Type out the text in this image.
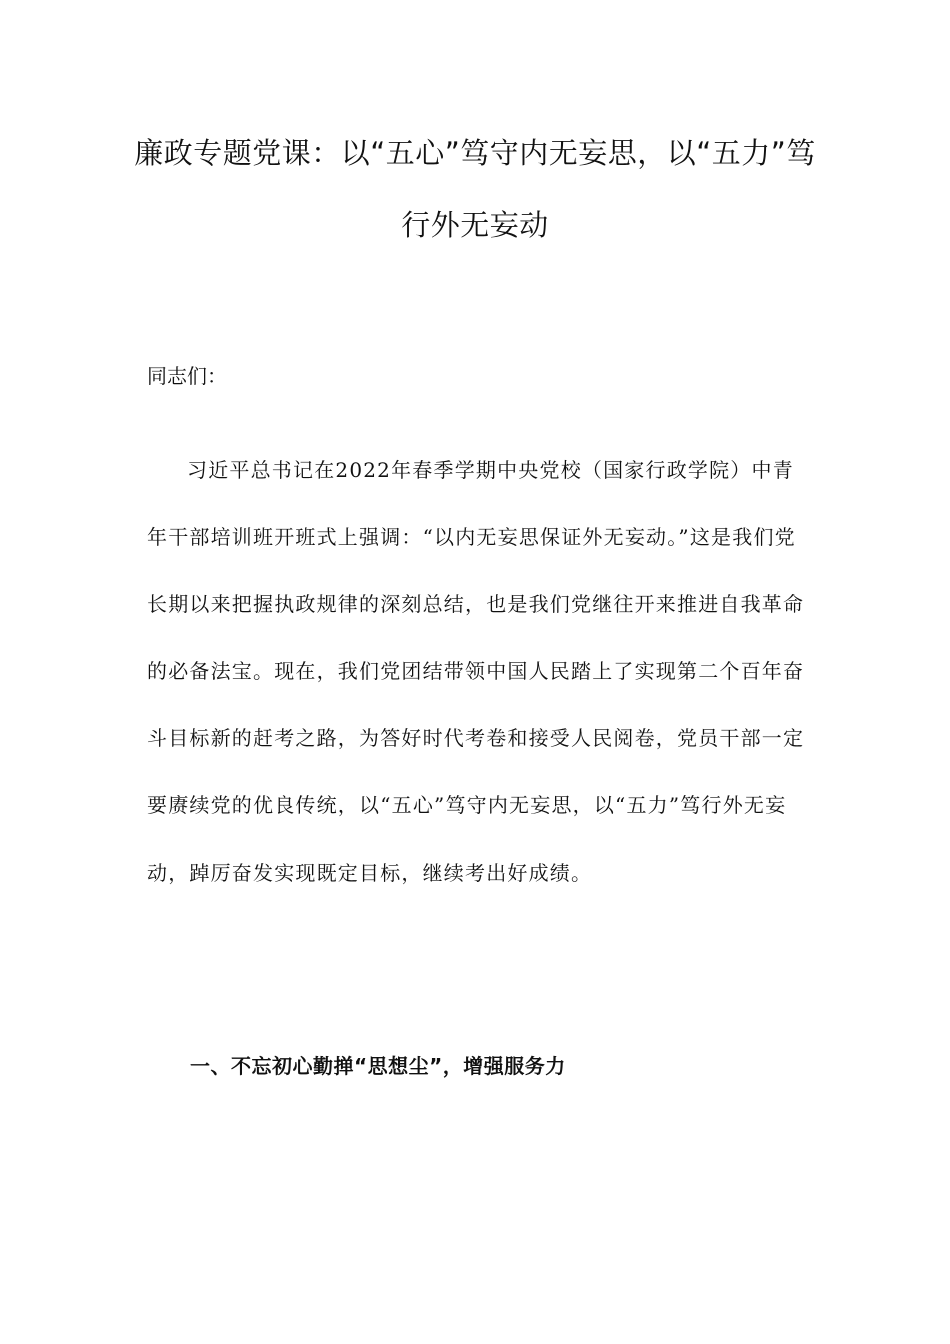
廉政专题党课：以“五心”笃守内无妄思，以“五力”笃行外无妄动

同志们：

习近平总书记在2022年春季学期中央党校（国家行政学院）中青年干部培训班开班式上强调：“以内无妄思保证外无妄动。”这是我们党长期以来把握执政规律的深刻总结，也是我们党继往开来推进自我革命的必备法宝。现在，我们党团结带领中国人民踏上了实现第二个百年奋斗目标新的赶考之路，为答好时代考卷和接受人民阅卷，党员干部一定要赓续党的优良传统，以“五心”笃守内无妄思，以“五力”笃行外无妄动，踔厉奋发实现既定目标，继续考出好成绩。

一、不忘初心勤掸“思想尘”，增强服务力
